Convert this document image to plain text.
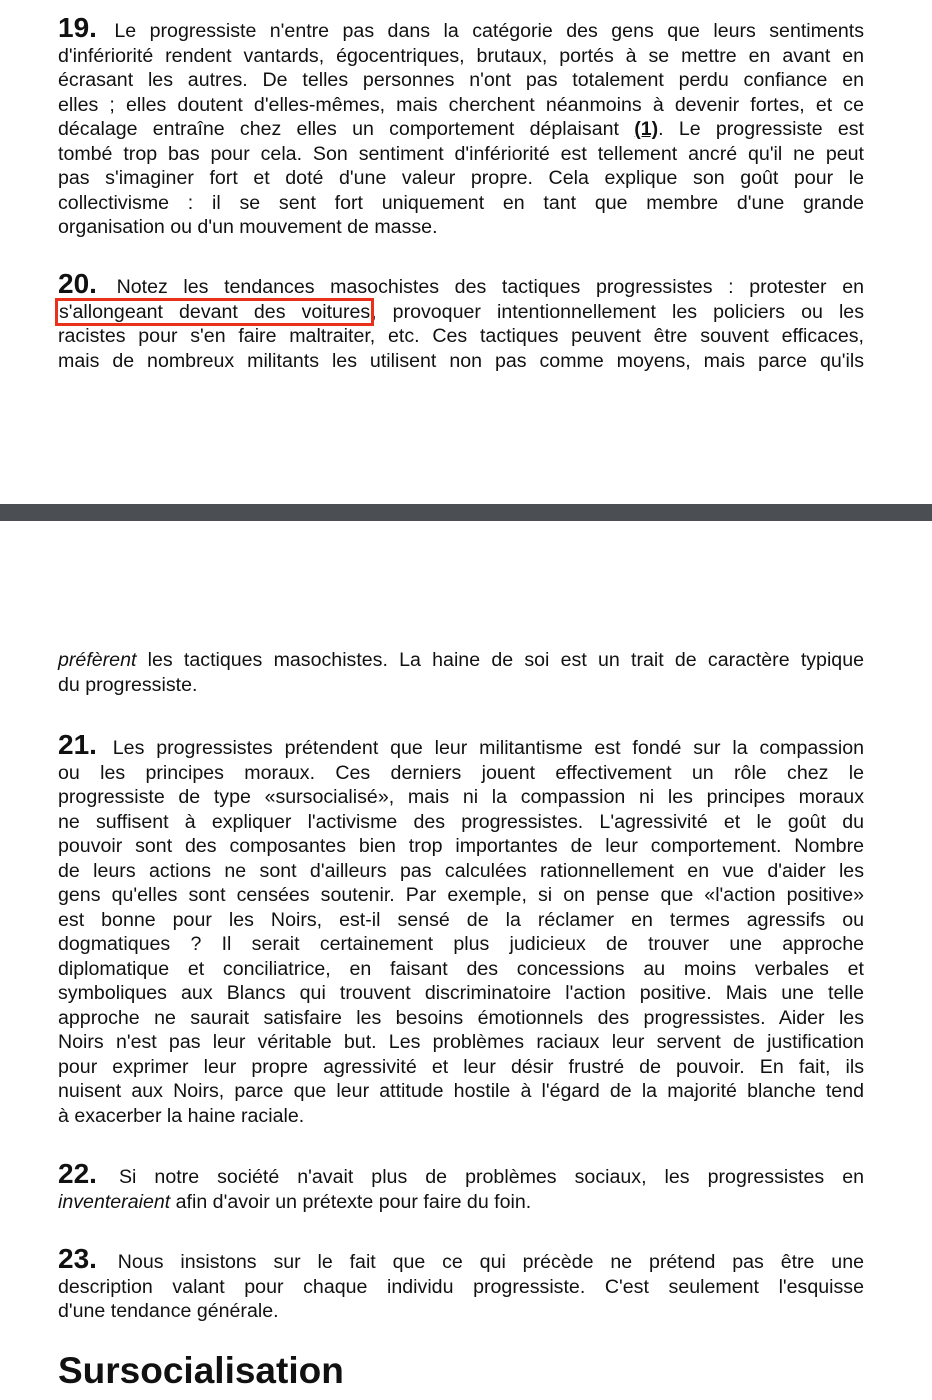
19. Le progressiste n'entre pas dans la catégorie des gens que leurs sentiments
d'infériorité rendent vantards, égocentriques, brutaux, portés à se mettre en avant en
écrasant les autres. De telles personnes n'ont pas totalement perdu confiance en
elles ; elles doutent d'elles-mêmes, mais cherchent néanmoins à devenir fortes, et ce
décalage entraîne chez elles un comportement déplaisant (1). Le progressiste est
tombé trop bas pour cela. Son sentiment d'infériorité est tellement ancré qu'il ne peut
pas s'imaginer fort et doté d'une valeur propre. Cela explique son goût pour le
collectivisme : il se sent fort uniquement en tant que membre d'une grande
organisation ou d'un mouvement de masse.
20. Notez les tendances masochistes des tactiques progressistes : protester en
s'allongeant devant des voitures, provoquer intentionnellement les policiers ou les
racistes pour s'en faire maltraiter, etc. Ces tactiques peuvent être souvent efficaces,
mais de nombreux militants les utilisent non pas comme moyens, mais parce qu'ils
préfèrent les tactiques masochistes. La haine de soi est un trait de caractère typique
du progressiste.
21. Les progressistes prétendent que leur militantisme est fondé sur la compassion
ou les principes moraux. Ces derniers jouent effectivement un rôle chez le
progressiste de type «sursocialisé», mais ni la compassion ni les principes moraux
ne suffisent à expliquer l'activisme des progressistes. L'agressivité et le goût du
pouvoir sont des composantes bien trop importantes de leur comportement. Nombre
de leurs actions ne sont d'ailleurs pas calculées rationnellement en vue d'aider les
gens qu'elles sont censées soutenir. Par exemple, si on pense que «l'action positive»
est bonne pour les Noirs, est-il sensé de la réclamer en termes agressifs ou
dogmatiques ? Il serait certainement plus judicieux de trouver une approche
diplomatique et conciliatrice, en faisant des concessions au moins verbales et
symboliques aux Blancs qui trouvent discriminatoire l'action positive. Mais une telle
approche ne saurait satisfaire les besoins émotionnels des progressistes. Aider les
Noirs n'est pas leur véritable but. Les problèmes raciaux leur servent de justification
pour exprimer leur propre agressivité et leur désir frustré de pouvoir. En fait, ils
nuisent aux Noirs, parce que leur attitude hostile à l'égard de la majorité blanche tend
à exacerber la haine raciale.
22. Si notre société n'avait plus de problèmes sociaux, les progressistes en
inventeraient afin d'avoir un prétexte pour faire du foin.
23. Nous insistons sur le fait que ce qui précède ne prétend pas être une
description valant pour chaque individu progressiste. C'est seulement l'esquisse
d'une tendance générale.
Sursocialisation
